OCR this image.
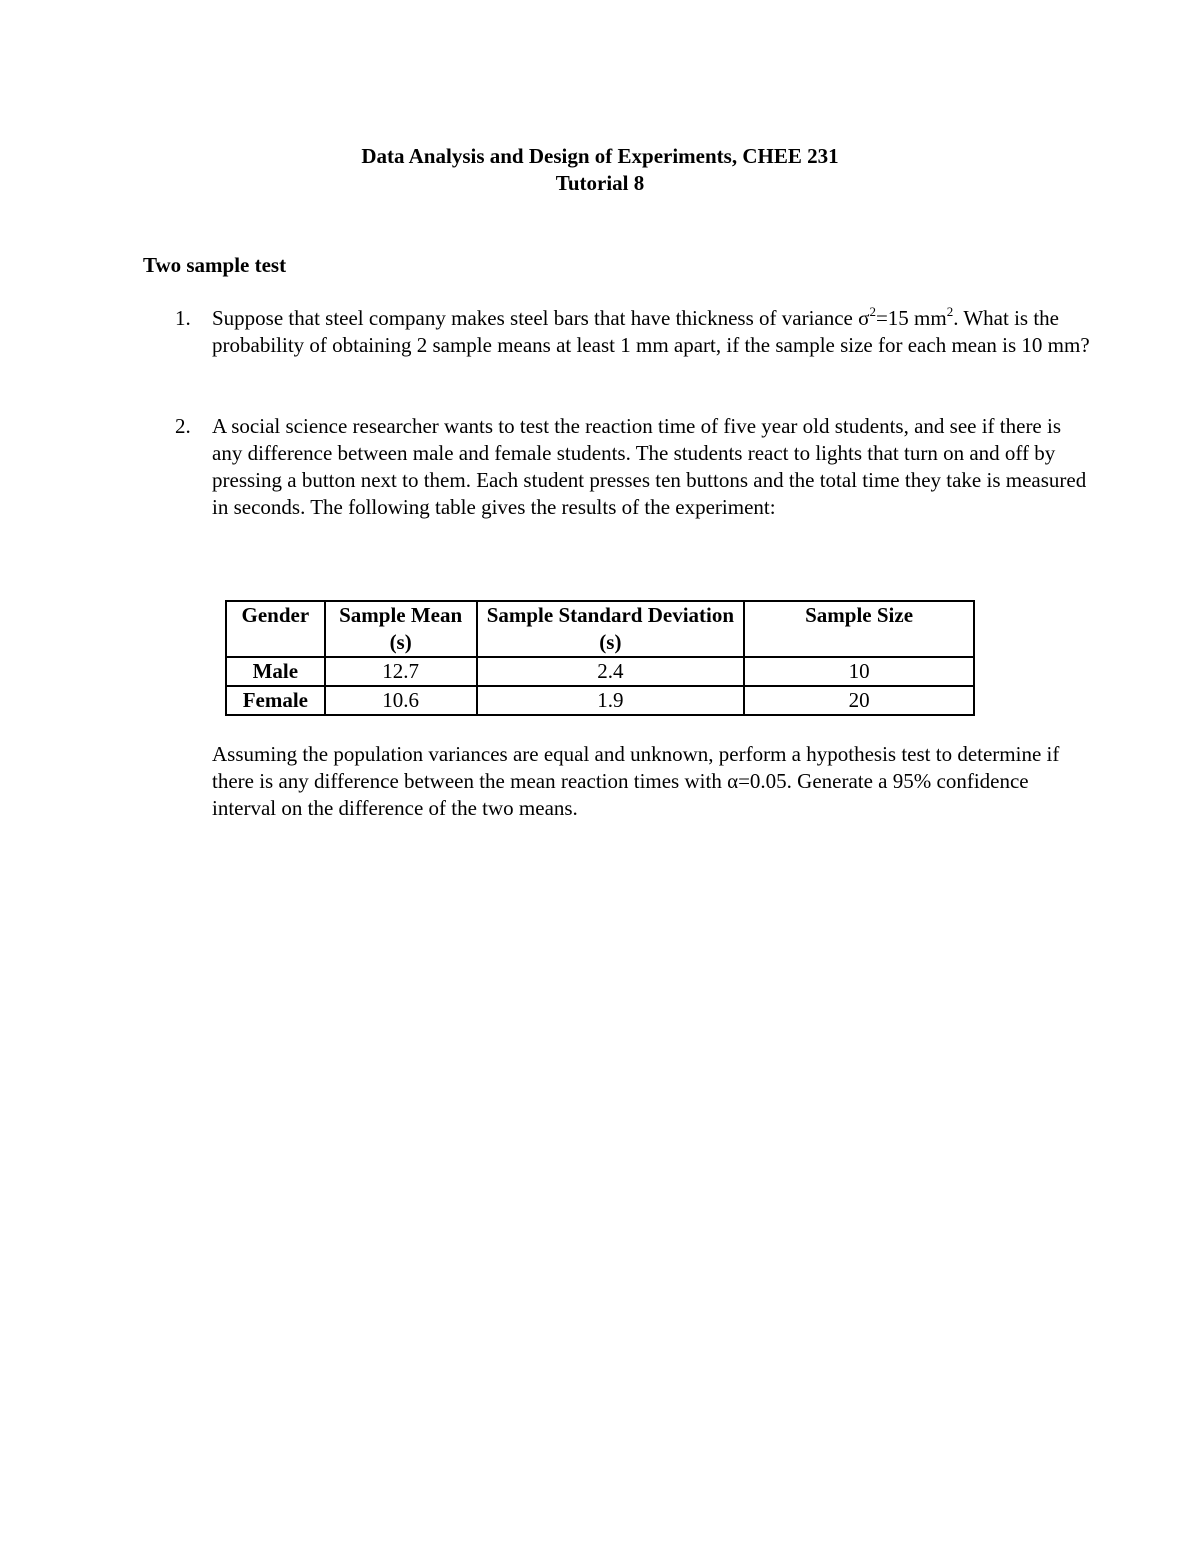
Data Analysis and Design of Experiments, CHEE 231
Tutorial 8
Two sample test
1. Suppose that steel company makes steel bars that have thickness of variance $\sigma^2=15$ $mm^2$. What is the probability of obtaining 2 sample means at least 1 mm apart, if the sample size for each mean is 10 mm?
2. A social science researcher wants to test the reaction time of five year old students, and see if there is any difference between male and female students. The students react to lights that turn on and off by pressing a button next to them. Each student presses ten buttons and the total time they take is measured in seconds. The following table gives the results of the experiment:
Gender	Sample Mean (s)	Sample Standard Deviation (s)	Sample Size
Male	12.7	2.4	10
Female	10.6	1.9	20
Assuming the population variances are equal and unknown, perform a hypothesis test to determine if there is any difference between the mean reaction times with α=0.05. Generate a 95% confidence interval on the difference of the two means.
